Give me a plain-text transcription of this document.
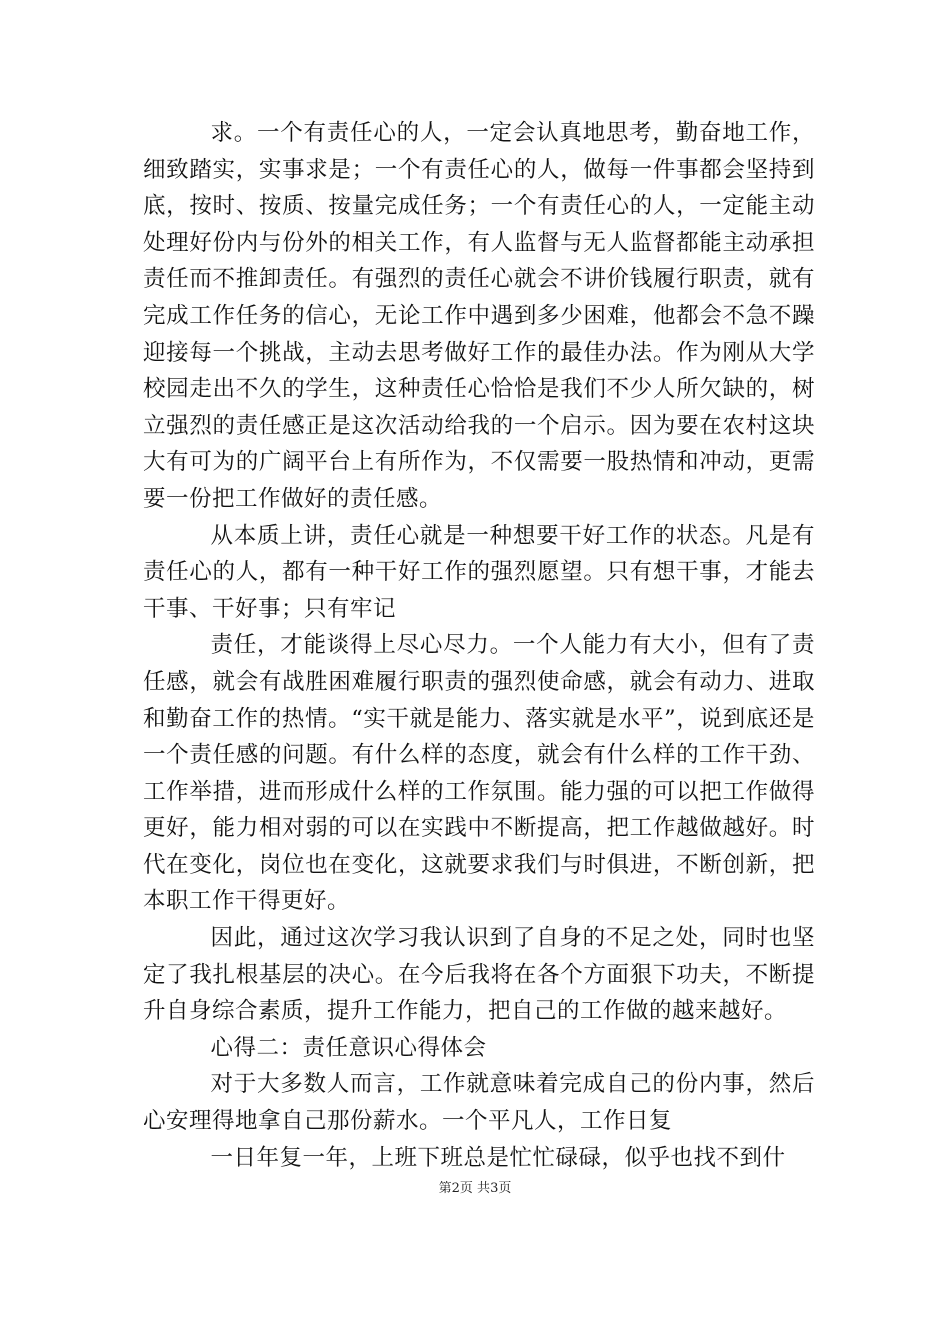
求。一个有责任心的人，一定会认真地思考，勤奋地工作，细致踏实，实事求是；一个有责任心的人，做每一件事都会坚持到底，按时、按质、按量完成任务；一个有责任心的人，一定能主动处理好份内与份外的相关工作，有人监督与无人监督都能主动承担责任而不推卸责任。有强烈的责任心就会不讲价钱履行职责，就有完成工作任务的信心，无论工作中遇到多少困难，他都会不急不躁迎接每一个挑战，主动去思考做好工作的最佳办法。作为刚从大学校园走出不久的学生，这种责任心恰恰是我们不少人所欠缺的，树立强烈的责任感正是这次活动给我的一个启示。因为要在农村这块大有可为的广阔平台上有所作为，不仅需要一股热情和冲动，更需要一份把工作做好的责任感。

从本质上讲，责任心就是一种想要干好工作的状态。凡是有责任心的人，都有一种干好工作的强烈愿望。只有想干事，才能去干事、干好事；只有牢记

责任，才能谈得上尽心尽力。一个人能力有大小，但有了责任感，就会有战胜困难履行职责的强烈使命感，就会有动力、进取和勤奋工作的热情。“实干就是能力、落实就是水平”，说到底还是一个责任感的问题。有什么样的态度，就会有什么样的工作干劲、工作举措，进而形成什么样的工作氛围。能力强的可以把工作做得更好，能力相对弱的可以在实践中不断提高，把工作越做越好。时代在变化，岗位也在变化，这就要求我们与时俱进，不断创新，把本职工作干得更好。

因此，通过这次学习我认识到了自身的不足之处，同时也坚定了我扎根基层的决心。在今后我将在各个方面狠下功夫，不断提升自身综合素质，提升工作能力，把自己的工作做的越来越好。

心得二：责任意识心得体会

对于大多数人而言，工作就意味着完成自己的份内事，然后心安理得地拿自己那份薪水。一个平凡人，工作日复

一日年复一年，上班下班总是忙忙碌碌，似乎也找不到什

第2页 共3页
